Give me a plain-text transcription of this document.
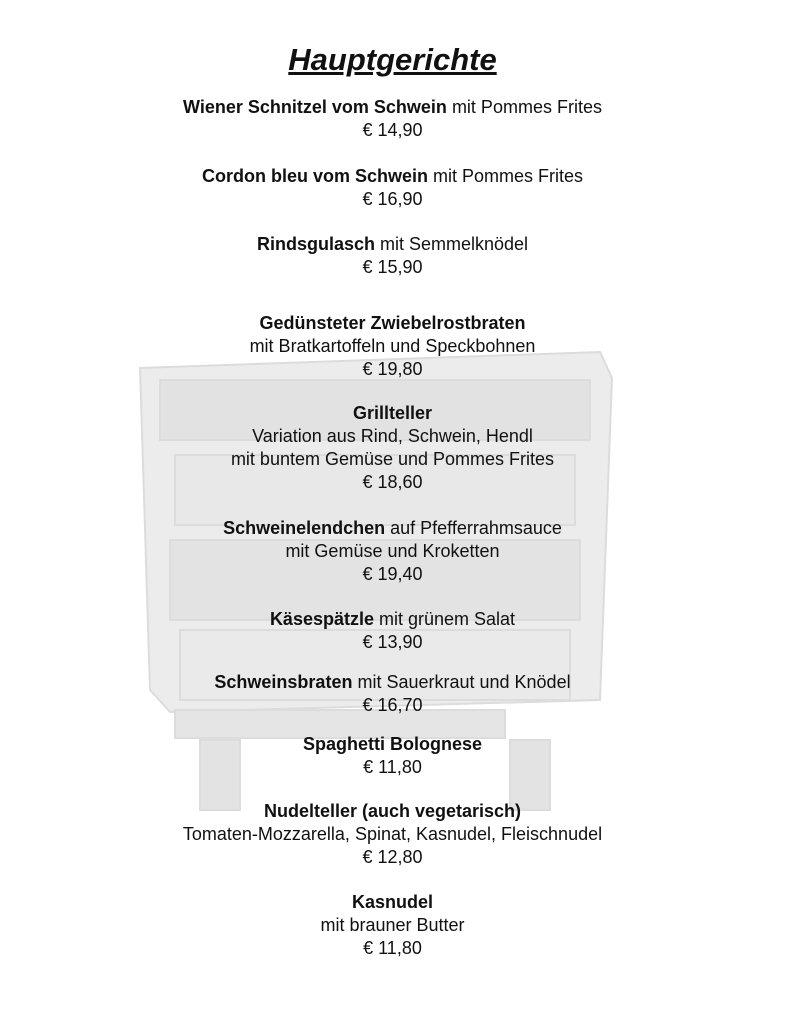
Hauptgerichte
Wiener Schnitzel vom Schwein mit Pommes Frites
€ 14,90
Cordon bleu vom Schwein mit Pommes Frites
€ 16,90
Rindsgulasch mit Semmelknödel
€ 15,90
Gedünsteter Zwiebelrostbraten
mit Bratkartoffeln und Speckbohnen
€ 19,80
Grillteller
Variation aus Rind, Schwein, Hendl
mit buntem Gemüse und Pommes Frites
€ 18,60
Schweinelendchen auf Pfefferrahmsauce
mit Gemüse und Kroketten
€ 19,40
Käsespätzle mit grünem Salat
€ 13,90
Schweinsbraten mit Sauerkraut und Knödel
€ 16,70
Spaghetti Bolognese
€ 11,80
Nudelteller (auch vegetarisch)
Tomaten-Mozzarella, Spinat, Kasnudel, Fleischnudel
€ 12,80
Kasnudel
mit brauner Butter
€ 11,80
